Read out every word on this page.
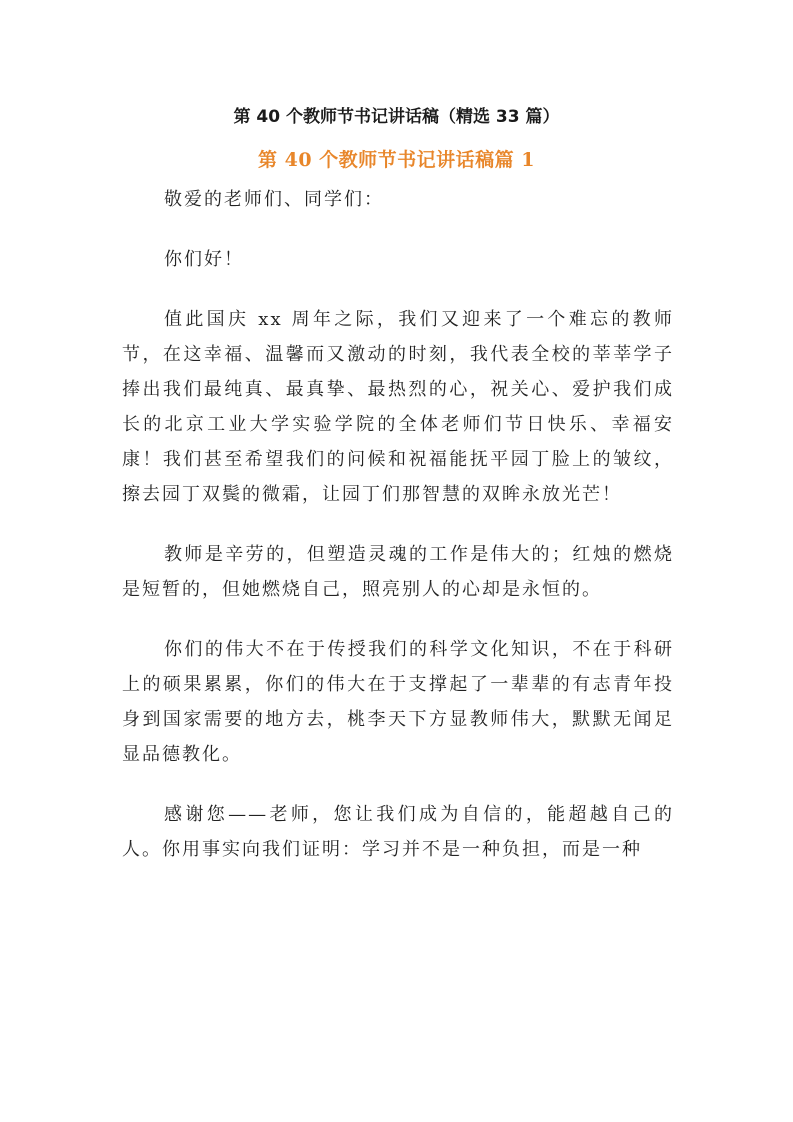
第 40 个教师节书记讲话稿（精选 33 篇）
第 40 个教师节书记讲话稿篇 1

敬爱的老师们、同学们：

你们好！

值此国庆 xx 周年之际，我们又迎来了一个难忘的教师节，在这幸福、温馨而又激动的时刻，我代表全校的莘莘学子捧出我们最纯真、最真挚、最热烈的心，祝关心、爱护我们成长的北京工业大学实验学院的全体老师们节日快乐、幸福安康！我们甚至希望我们的问候和祝福能抚平园丁脸上的皱纹，擦去园丁双鬓的微霜，让园丁们那智慧的双眸永放光芒！

教师是辛劳的，但塑造灵魂的工作是伟大的；红烛的燃烧是短暂的，但她燃烧自己，照亮别人的心却是永恒的。

你们的伟大不在于传授我们的科学文化知识，不在于科研上的硕果累累，你们的伟大在于支撑起了一辈辈的有志青年投身到国家需要的地方去，桃李天下方显教师伟大，默默无闻足显品德教化。

感谢您——老师，您让我们成为自信的，能超越自己的人。你用事实向我们证明：学习并不是一种负担，而是一种
